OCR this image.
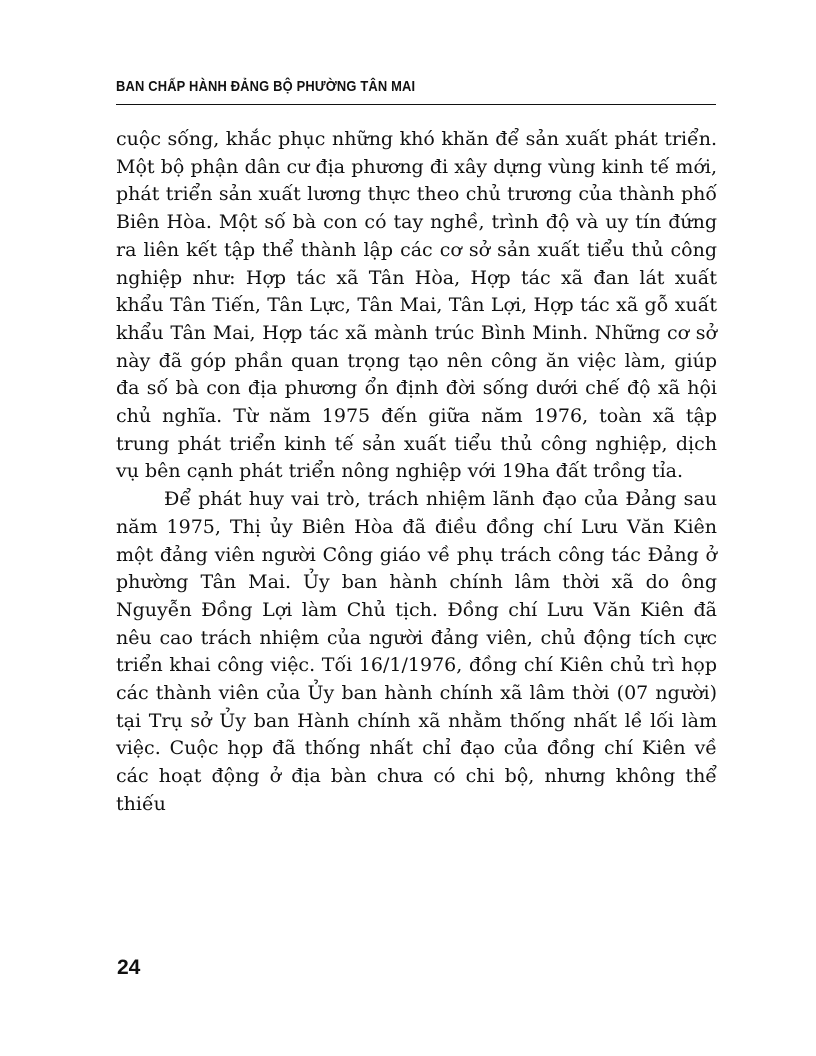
BAN CHẤP HÀNH ĐẢNG BỘ PHƯỜNG TÂN MAI

cuộc sống, khắc phục những khó khăn để sản xuất phát triển. Một bộ phận dân cư địa phương đi xây dựng vùng kinh tế mới, phát triển sản xuất lương thực theo chủ trương của thành phố Biên Hòa. Một số bà con có tay nghề, trình độ và uy tín đứng ra liên kết tập thể thành lập các cơ sở sản xuất tiểu thủ công nghiệp như: Hợp tác xã Tân Hòa, Hợp tác xã đan lát xuất khẩu Tân Tiến, Tân Lực, Tân Mai, Tân Lợi, Hợp tác xã gỗ xuất khẩu Tân Mai, Hợp tác xã mành trúc Bình Minh. Những cơ sở này đã góp phần quan trọng tạo nên công ăn việc làm, giúp đa số bà con địa phương ổn định đời sống dưới chế độ xã hội chủ nghĩa. Từ năm 1975 đến giữa năm 1976, toàn xã tập trung phát triển kinh tế sản xuất tiểu thủ công nghiệp, dịch vụ bên cạnh phát triển nông nghiệp với 19ha đất trồng tỉa.

Để phát huy vai trò, trách nhiệm lãnh đạo của Đảng sau năm 1975, Thị ủy Biên Hòa đã điều đồng chí Lưu Văn Kiên một đảng viên người Công giáo về phụ trách công tác Đảng ở phường Tân Mai. Ủy ban hành chính lâm thời xã do ông Nguyễn Đồng Lợi làm Chủ tịch. Đồng chí Lưu Văn Kiên đã nêu cao trách nhiệm của người đảng viên, chủ động tích cực triển khai công việc. Tối 16/1/1976, đồng chí Kiên chủ trì họp các thành viên của Ủy ban hành chính xã lâm thời (07 người) tại Trụ sở Ủy ban Hành chính xã nhằm thống nhất lề lối làm việc. Cuộc họp đã thống nhất chỉ đạo của đồng chí Kiên về các hoạt động ở địa bàn chưa có chi bộ, nhưng không thể thiếu

24
